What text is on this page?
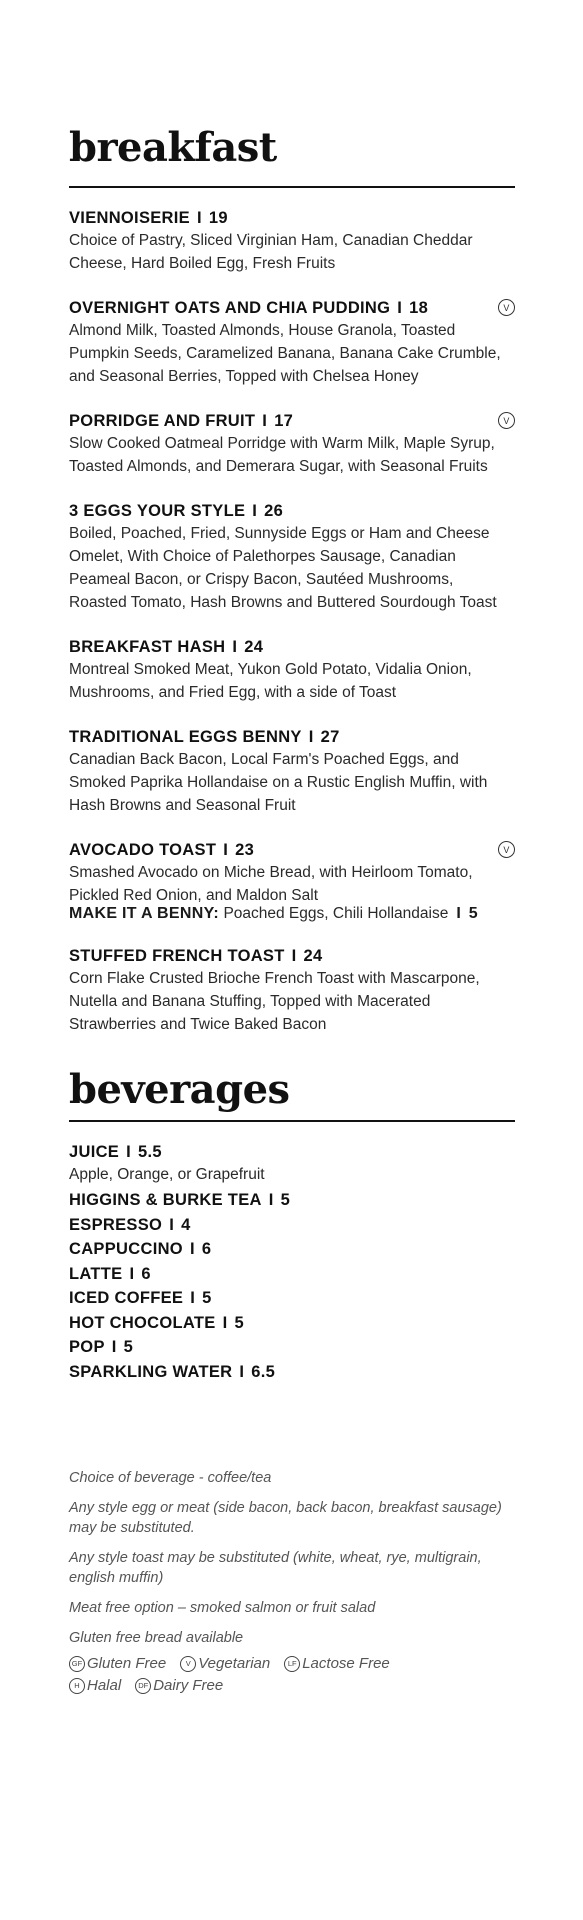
breakfast
VIENNOISERIE I 19

Choice of Pastry, Sliced Virginian Ham, Canadian Cheddar Cheese, Hard Boiled Egg, Fresh Fruits

OVERNIGHT OATS AND CHIA PUDDING I 18	V

Almond Milk, Toasted Almonds, House Granola, Toasted Pumpkin Seeds, Caramelized Banana, Banana Cake Crumble, and Seasonal Berries, Topped with Chelsea Honey

PORRIDGE AND FRUIT I 17	V

Slow Cooked Oatmeal Porridge with Warm Milk, Maple Syrup, Toasted Almonds, and Demerara Sugar, with Seasonal Fruits

3 EGGS YOUR STYLE I 26

Boiled, Poached, Fried, Sunnyside Eggs or Ham and Cheese Omelet, With Choice of Palethorpes Sausage, Canadian Peameal Bacon, or Crispy Bacon, Sautéed Mushrooms, Roasted Tomato, Hash Browns and Buttered Sourdough Toast

BREAKFAST HASH I 24

Montreal Smoked Meat, Yukon Gold Potato, Vidalia Onion, Mushrooms, and Fried Egg, with a side of Toast

TRADITIONAL EGGS BENNY I 27

Canadian Back Bacon, Local Farm's Poached Eggs, and Smoked Paprika Hollandaise on a Rustic English Muffin, with Hash Browns and Seasonal Fruit

AVOCADO TOAST I 23	V

Smashed Avocado on Miche Bread, with Heirloom Tomato, Pickled Red Onion, and Maldon Salt

MAKE IT A BENNY: Poached Eggs, Chili Hollandaise I 5
STUFFED FRENCH TOAST I 24

Corn Flake Crusted Brioche French Toast with Mascarpone, Nutella and Banana Stuffing, Topped with Macerated Strawberries and Twice Baked Bacon

beverages
JUICE I 5.5

Apple, Orange, or Grapefruit

HIGGINS & BURKE TEA I 5
ESPRESSO I 4
CAPPUCCINO I 6
LATTE I 6
ICED COFFEE I 5
HOT CHOCOLATE I 5
POP I 5
SPARKLING WATER I 6.5

Choice of beverage - coffee/tea

Any style egg or meat (side bacon, back bacon, breakfast sausage) may be substituted.

Any style toast may be substituted (white, wheat, rye, multigrain, english muffin)

Meat free option – smoked salmon or fruit salad

Gluten free bread available

GF Gluten Free	V Vegetarian	LF Lactose Free
H Halal	DF Dairy Free
